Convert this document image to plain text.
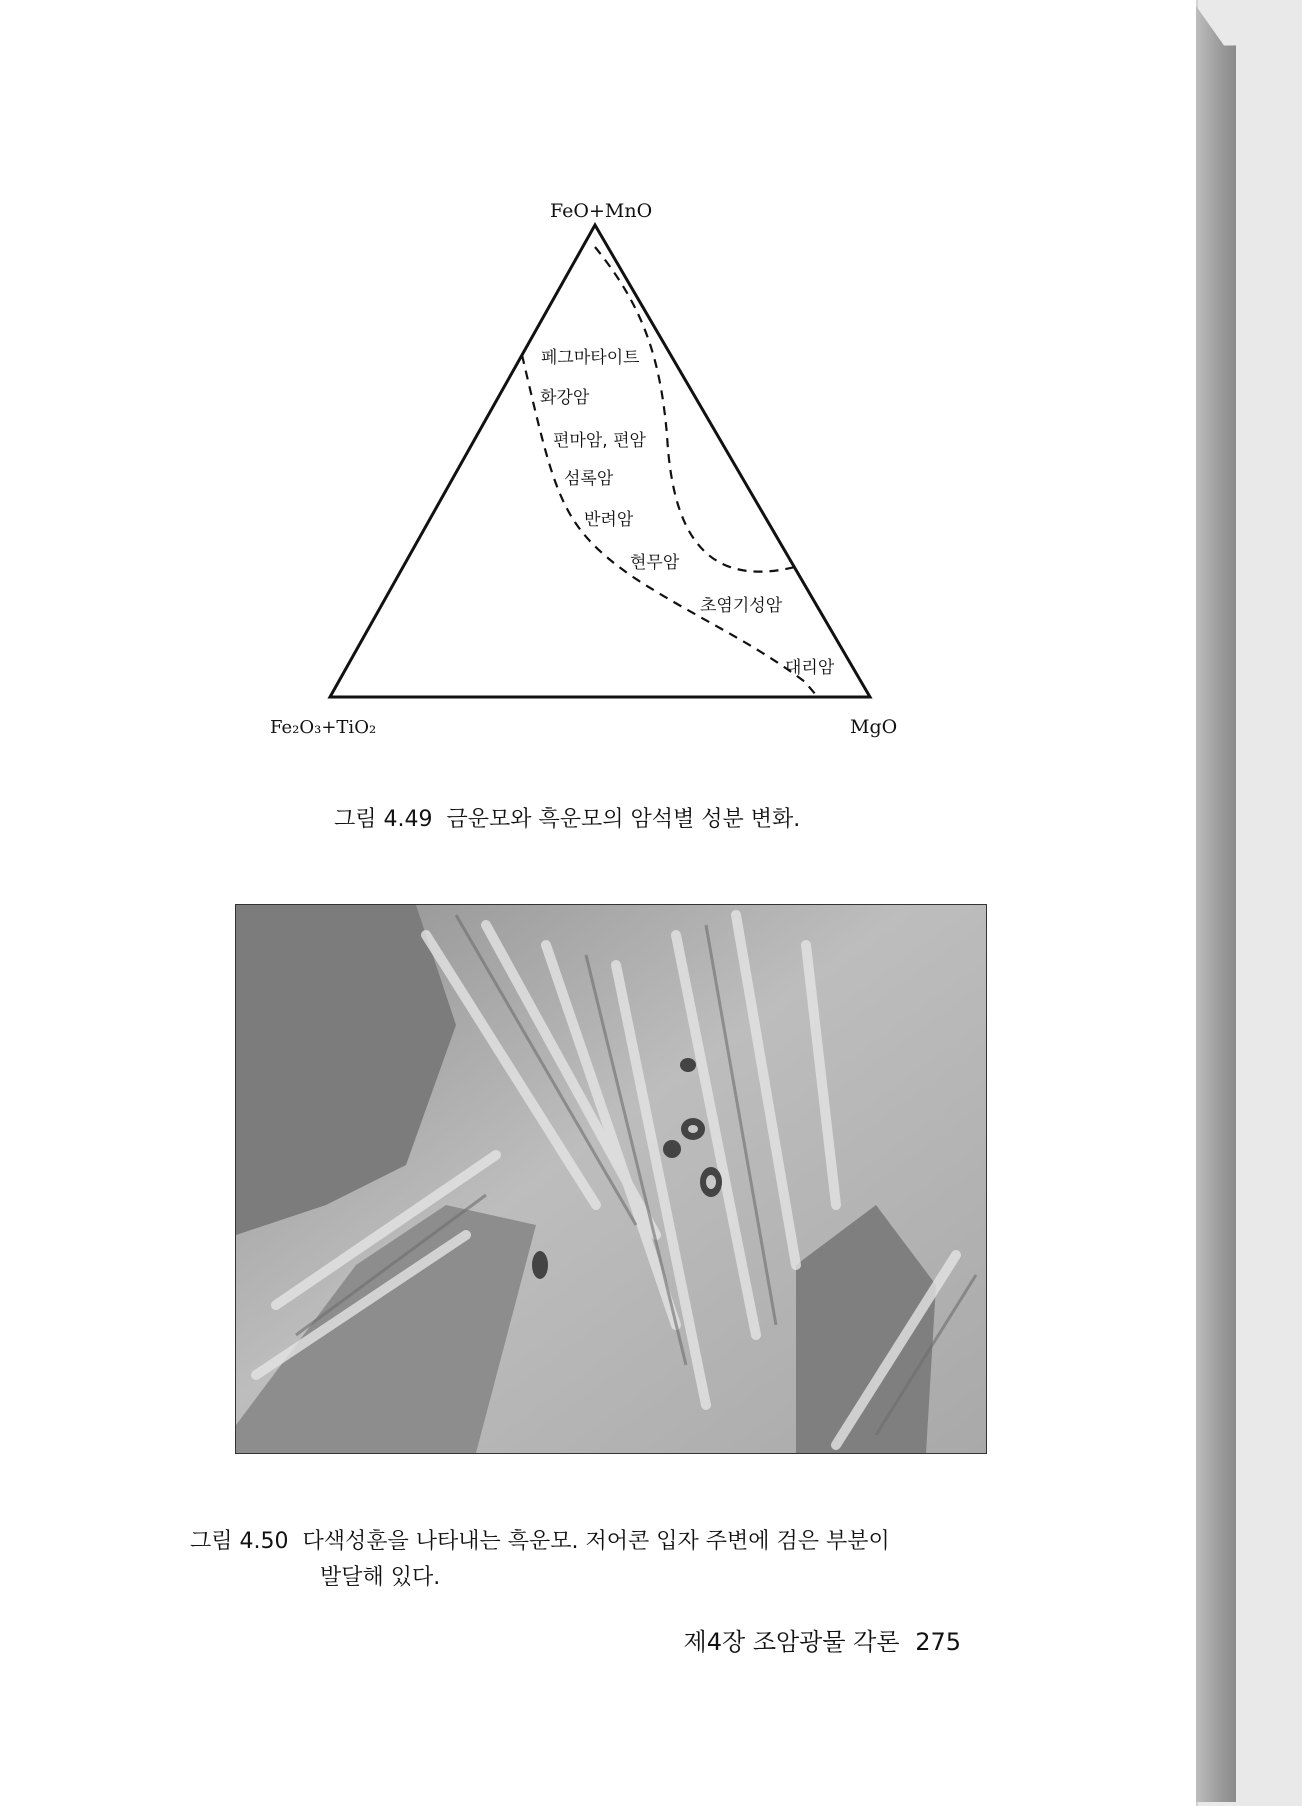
FeO+MnO
Fe₂O₃+TiO₂	MgO
페그마타이트
화강암
편마암, 편암
섬록암
반려암
현무암
초염기성암
대리암
그림 4.49  금운모와 흑운모의 암석별 성분 변화.
그림 4.50  다색성훈을 나타내는 흑운모. 저어콘 입자 주변에 검은 부분이
발달해 있다.
제4장 조암광물 각론 275
